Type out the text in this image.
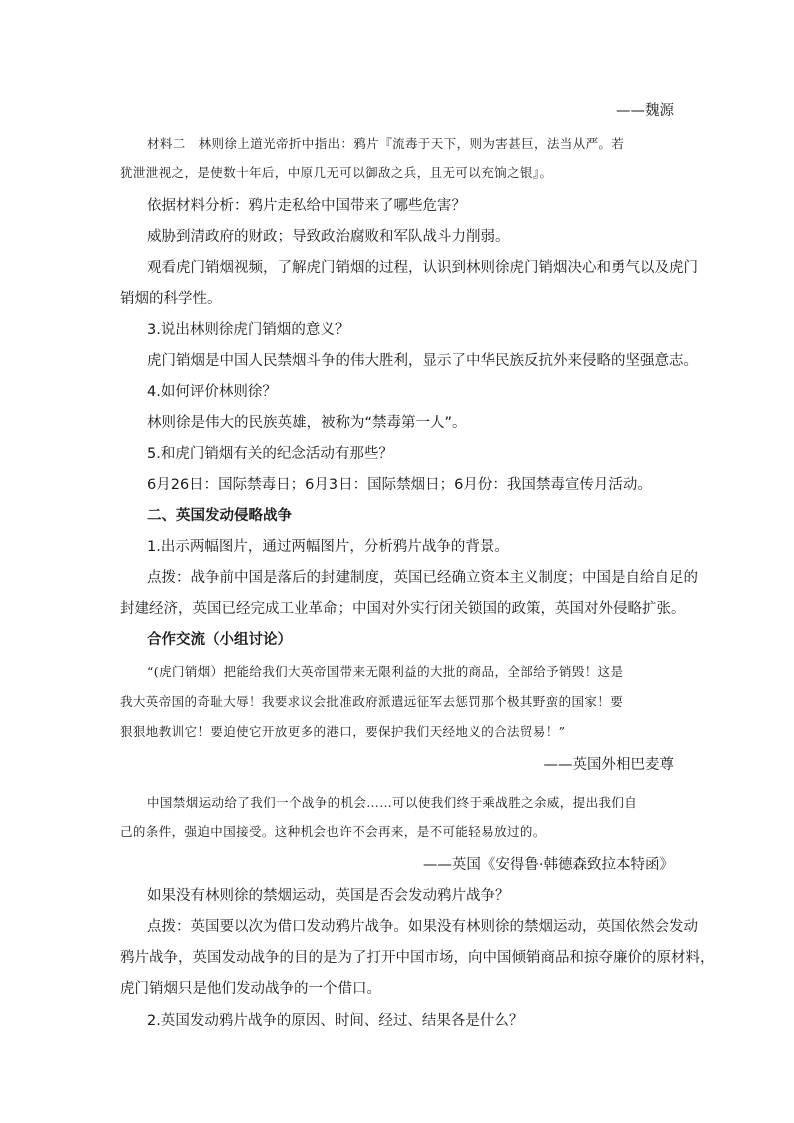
——魏源
材料二　林则徐上道光帝折中指出：鸦片『流毒于天下，则为害甚巨，法当从严。若
犹泄泄视之，是使数十年后，中原几无可以御敌之兵，且无可以充饷之银』。
依据材料分析：鸦片走私给中国带来了哪些危害？
威胁到清政府的财政；导致政治腐败和军队战斗力削弱。
观看虎门销烟视频，了解虎门销烟的过程，认识到林则徐虎门销烟决心和勇气以及虎门
销烟的科学性。
3.说出林则徐虎门销烟的意义？
虎门销烟是中国人民禁烟斗争的伟大胜利，显示了中华民族反抗外来侵略的坚强意志。
4.如何评价林则徐？
林则徐是伟大的民族英雄，被称为“禁毒第一人”。
5.和虎门销烟有关的纪念活动有那些？
6月26日：国际禁毒日；6月3日：国际禁烟日；6月份：我国禁毒宣传月活动。
二、英国发动侵略战争
1.出示两幅图片，通过两幅图片，分析鸦片战争的背景。
点拨：战争前中国是落后的封建制度，英国已经确立资本主义制度；中国是自给自足的
封建经济，英国已经完成工业革命；中国对外实行闭关锁国的政策，英国对外侵略扩张。
合作交流（小组讨论）
“(虎门销烟）把能给我们大英帝国带来无限利益的大批的商品，全部给予销毁！这是
我大英帝国的奇耻大辱！我要求议会批准政府派遣远征军去惩罚那个极其野蛮的国家！要
狠狠地教训它！要迫使它开放更多的港口，要保护我们天经地义的合法贸易！”
——英国外相巴麦尊
中国禁烟运动给了我们一个战争的机会……可以使我们终于乘战胜之余威，提出我们自
己的条件，强迫中国接受。这种机会也许不会再来，是不可能轻易放过的。
——英国《安得鲁·韩德森致拉本特函》
如果没有林则徐的禁烟运动，英国是否会发动鸦片战争？
点拨：英国要以次为借口发动鸦片战争。如果没有林则徐的禁烟运动，英国依然会发动
鸦片战争，英国发动战争的目的是为了打开中国市场，向中国倾销商品和掠夺廉价的原材料，
虎门销烟只是他们发动战争的一个借口。
2.英国发动鸦片战争的原因、时间、经过、结果各是什么？
